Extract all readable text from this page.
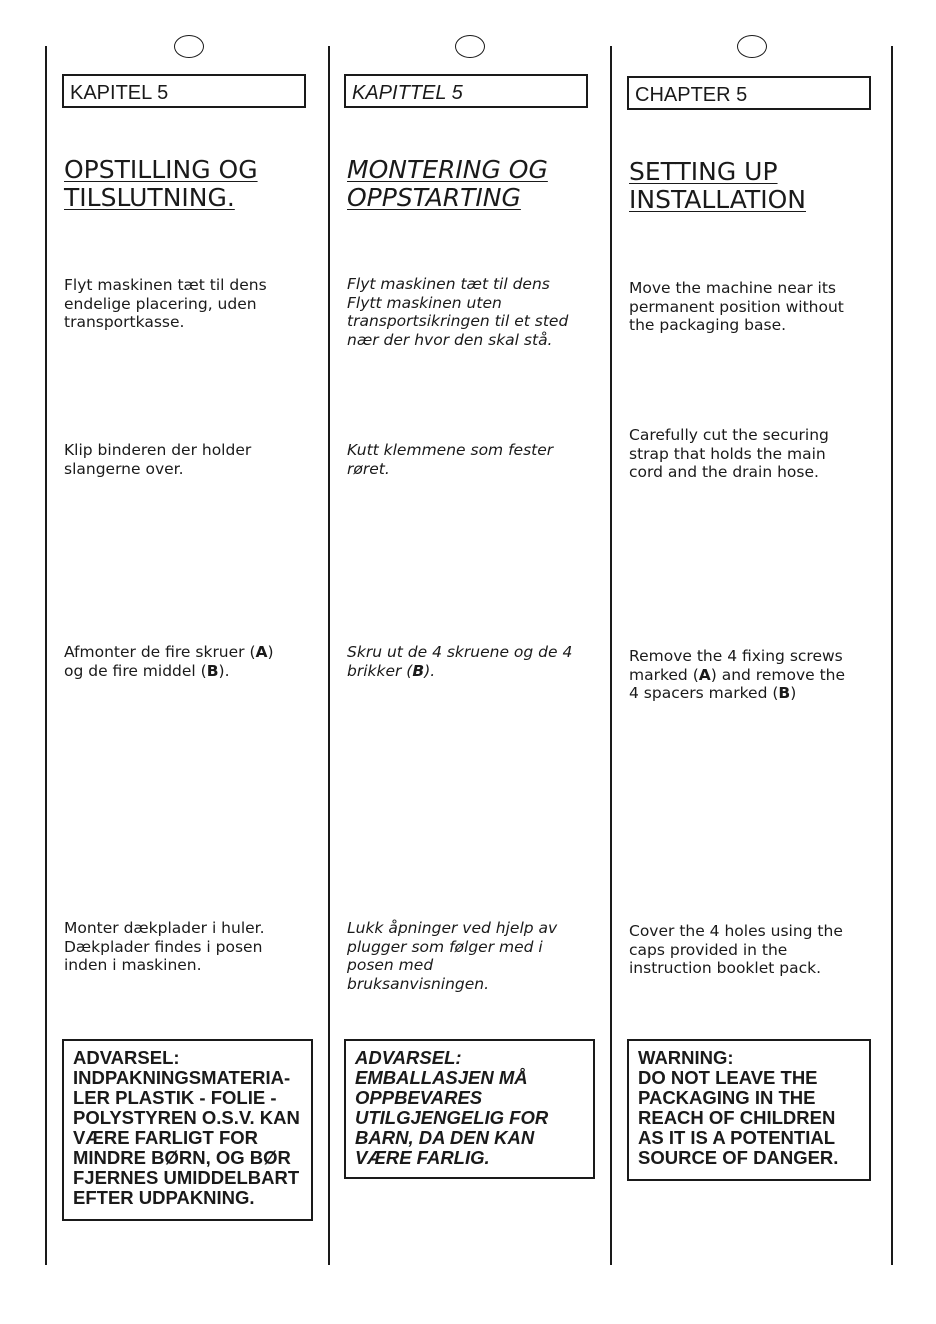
KAPITEL 5
OPSTILLING OG
TILSLUTNING.
Flyt maskinen tæt til dens
endelige placering, uden
transportkasse.
Klip binderen der holder
slangerne over.
Afmonter de fire skruer (A)
og de fire middel (B).
Monter dækplader i huler.
Dækplader findes i posen
inden i maskinen.
ADVARSEL:
INDPAKNINGSMATERIA-
LER PLASTIK - FOLIE -
POLYSTYREN O.S.V. KAN
VÆRE FARLIGT FOR
MINDRE BØRN, OG BØR
FJERNES UMIDDELBART
EFTER UDPAKNING.
KAPITTEL 5
MONTERING OG
OPPSTARTING
Flyt maskinen tæt til dens
Flytt maskinen uten
transportsikringen til et sted
nær der hvor den skal stå.
Kutt klemmene som fester
røret.
Skru ut de 4 skruene og de 4
brikker (B).
Lukk åpninger ved hjelp av
plugger som følger med i
posen med
bruksanvisningen.
ADVARSEL:
EMBALLASJEN MÅ
OPPBEVARES
UTILGJENGELIG FOR
BARN, DA DEN KAN
VÆRE FARLIG.
CHAPTER 5
SETTING UP
INSTALLATION
Move the machine near its
permanent position without
the packaging base.
Carefully cut the securing
strap that holds the main
cord and the drain hose.
Remove the 4 fixing screws
marked (A) and remove the
4 spacers marked (B)
Cover the 4 holes using the
caps provided in the
instruction booklet pack.
WARNING:
DO NOT LEAVE THE
PACKAGING IN THE
REACH OF CHILDREN
AS IT IS A POTENTIAL
SOURCE OF DANGER.
